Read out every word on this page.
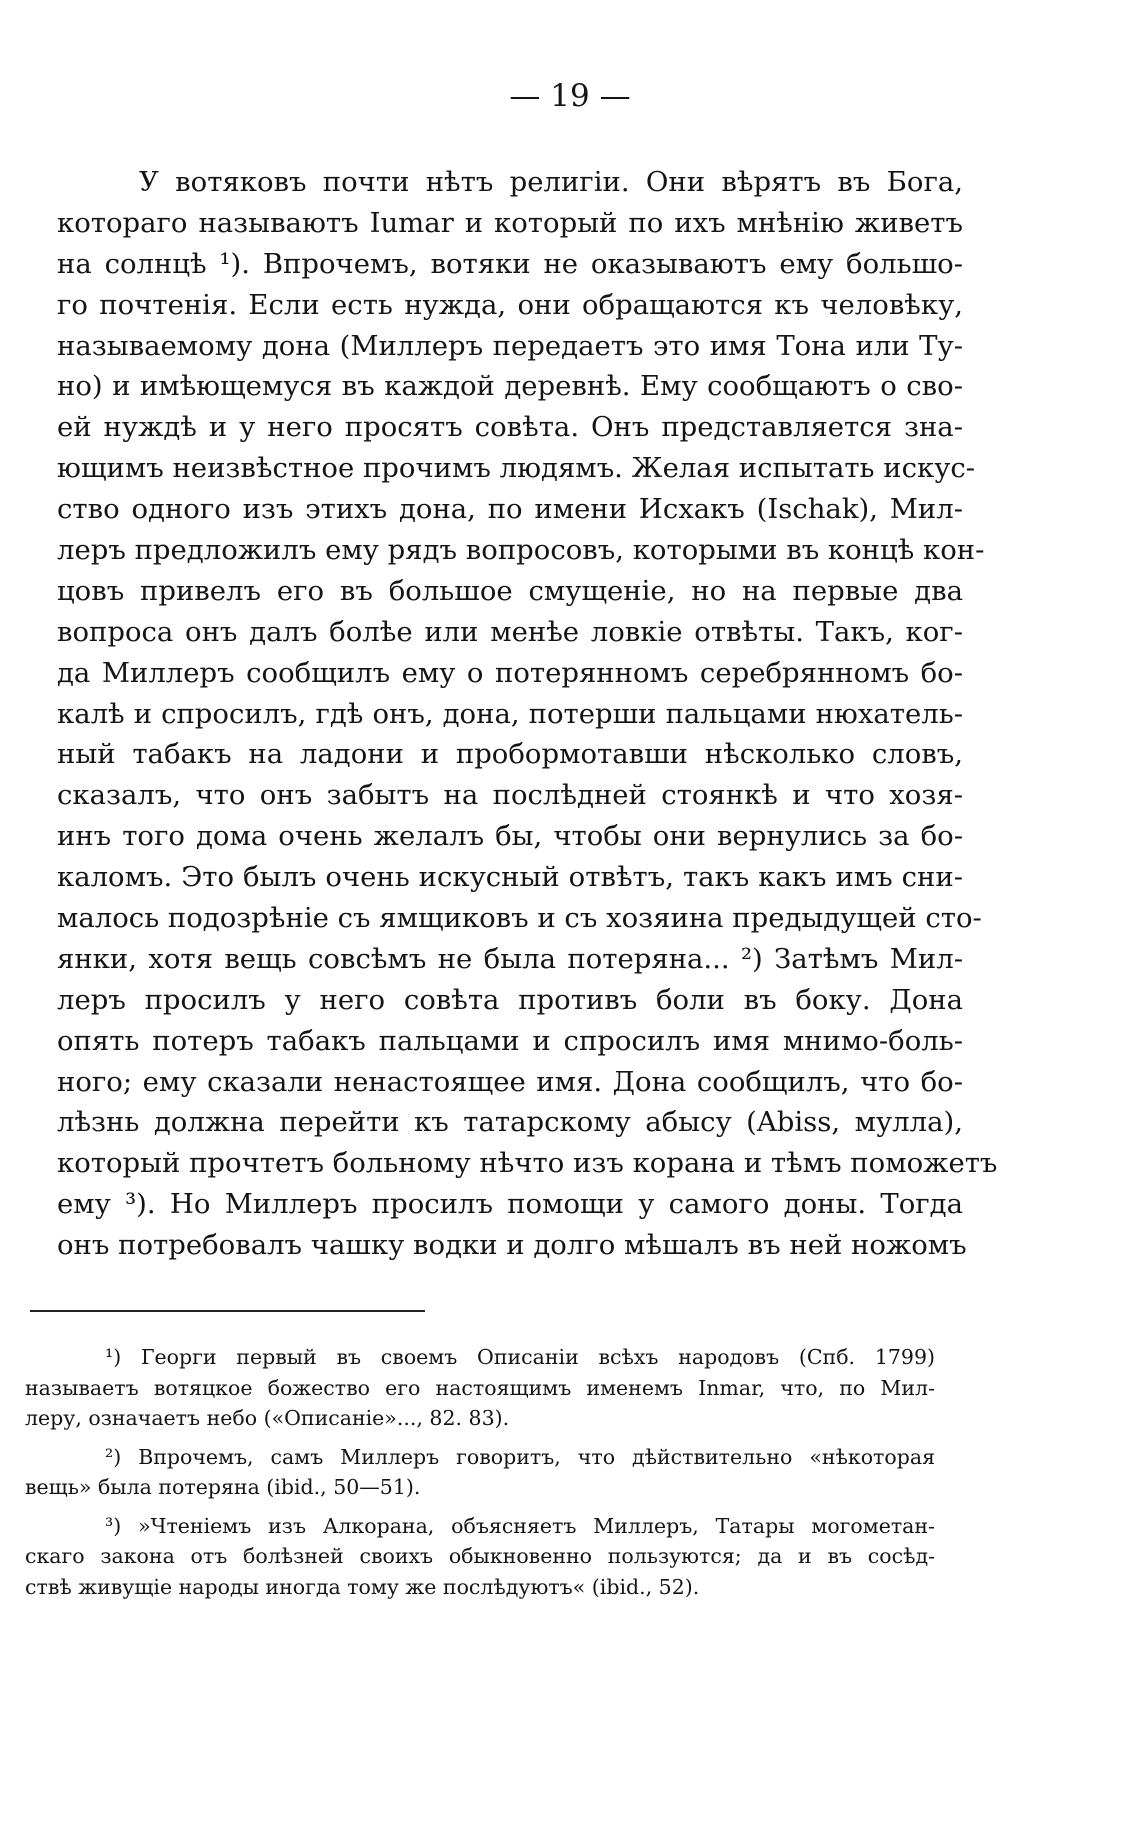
— 19 —
У вотяковъ почти нѣтъ религіи. Они вѣрятъ въ Бога,
котораго называютъ Iumar и который по ихъ мнѣнію живетъ
на солнцѣ ¹). Впрочемъ, вотяки не оказываютъ ему большо-
го почтенія. Если есть нужда, они обращаются къ человѣку,
называемому дона (Миллеръ передаетъ это имя Тона или Ту-
но) и имѣющемуся въ каждой деревнѣ. Ему сообщаютъ о сво-
ей нуждѣ и у него просятъ совѣта. Онъ представляется зна-
ющимъ неизвѣстное прочимъ людямъ. Желая испытать искус-
ство одного изъ этихъ дона, по имени Исхакъ (Ischak), Мил-
леръ предложилъ ему рядъ вопросовъ, которыми въ концѣ кон-
цовъ привелъ его въ большое смущеніе, но на первые два
вопроса онъ далъ болѣе или менѣе ловкіе отвѣты. Такъ, ког-
да Миллеръ сообщилъ ему о потерянномъ серебрянномъ бо-
калѣ и спросилъ, гдѣ онъ, дона, потерши пальцами нюхатель-
ный табакъ на ладони и пробормотавши нѣсколько словъ,
сказалъ, что онъ забытъ на послѣдней стоянкѣ и что хозя-
инъ того дома очень желалъ бы, чтобы они вернулись за бо-
каломъ. Это былъ очень искусный отвѣтъ, такъ какъ имъ сни-
малось подозрѣніе съ ямщиковъ и съ хозяина предыдущей сто-
янки, хотя вещь совсѣмъ не была потеряна... ²) Затѣмъ Мил-
леръ просилъ у него совѣта противъ боли въ боку. Дона
опять потеръ табакъ пальцами и спросилъ имя мнимо-боль-
ного; ему сказали ненастоящее имя. Дона сообщилъ, что бо-
лѣзнь должна перейти къ татарскому абысу (Abiss, мулла),
который прочтетъ больному нѣчто изъ корана и тѣмъ поможетъ
ему ³). Но Миллеръ просилъ помощи у самого доны. Тогда
онъ потребовалъ чашку водки и долго мѣшалъ въ ней ножомъ
¹) Георги первый въ своемъ Описаніи всѣхъ народовъ (Спб. 1799)
называетъ вотяцкое божество его настоящимъ именемъ Inmar, что, по Мил-
леру, означаетъ небо («Описаніе»..., 82. 83).
²) Впрочемъ, самъ Миллеръ говоритъ, что дѣйствительно «нѣкоторая
вещь» была потеряна (ibid., 50—51).
³) »Чтеніемъ изъ Алкорана, объясняетъ Миллеръ, Татары могометан-
скаго закона отъ болѣзней своихъ обыкновенно пользуются; да и въ сосѣд-
ствѣ живущіе народы иногда тому же послѣдуютъ« (ibid., 52).
